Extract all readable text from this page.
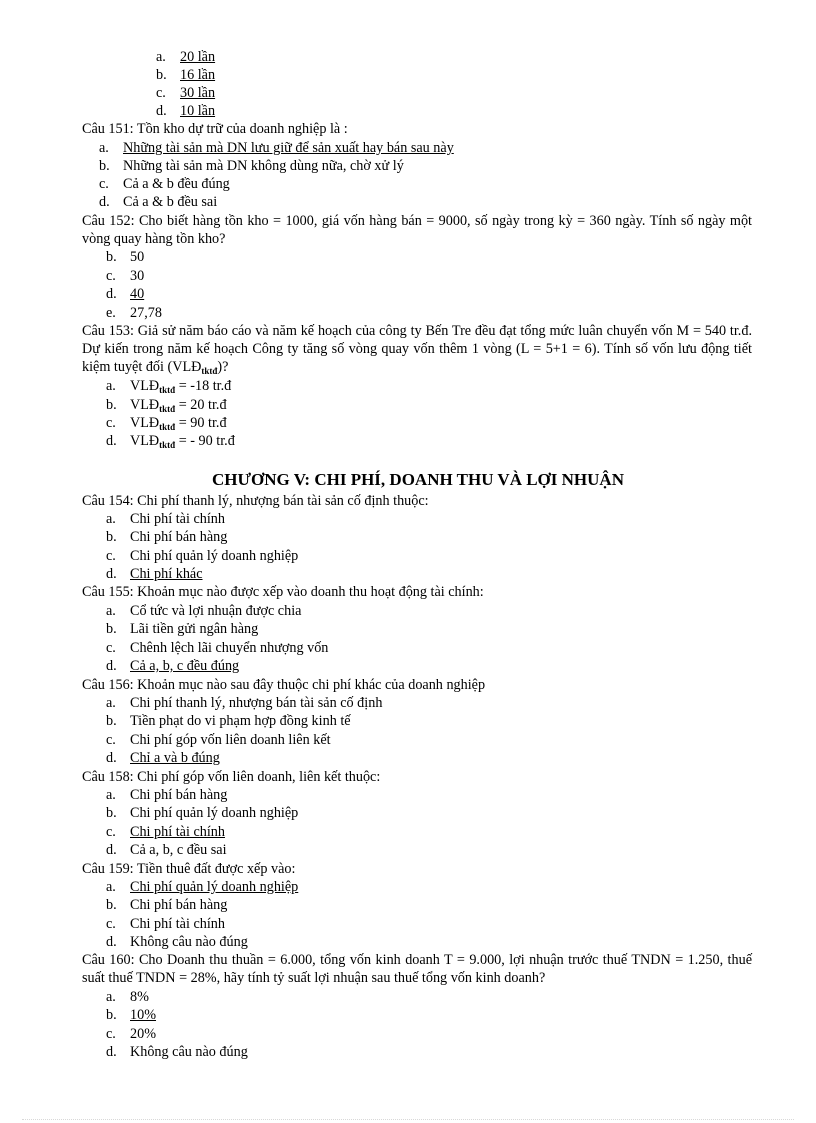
a. 20 lần
b. 16 lần
c. 30 lần
d. 10 lần
Câu 151: Tồn kho dự trữ của doanh nghiệp là :
a. Những tài sản mà DN lưu giữ để sản xuất hay bán sau này
b. Những tài sản mà DN không dùng nữa, chờ xử lý
c. Cả a & b đều đúng
d. Cả a & b đều sai
Câu 152: Cho biết hàng tồn kho = 1000, giá vốn hàng bán = 9000, số ngày trong kỳ = 360 ngày. Tính số ngày một vòng quay hàng tồn kho?
b. 50
c. 30
d. 40
e. 27,78
Câu 153: Giả sử năm báo cáo và năm kế hoạch của công ty Bến Tre đều đạt tổng mức luân chuyển vốn M = 540 tr.đ. Dự kiến trong năm kế hoạch Công ty tăng số vòng quay vốn thêm 1 vòng (L = 5+1 = 6). Tính số vốn lưu động tiết kiệm tuyệt đối $(VLĐ_{tktđ})$?
a. $VLĐ_{tktđ} = -18$ tr.đ
b. $VLĐ_{tktđ} = 20$ tr.đ
c. $VLĐ_{tktđ} = 90$ tr.đ
d. $VLĐ_{tktđ}$ = - 90 tr.đ
CHƯƠNG V: CHI PHÍ, DOANH THU VÀ LỢI NHUẬN
Câu 154: Chi phí thanh lý, nhượng bán tài sản cố định thuộc:
a. Chi phí tài chính
b. Chi phí bán hàng
c. Chi phí quản lý doanh nghiệp
d. Chi phí khác
Câu 155: Khoản mục nào được xếp vào doanh thu hoạt động tài chính:
a. Cổ tức và lợi nhuận được chia
b. Lãi tiền gửi ngân hàng
c. Chênh lệch lãi chuyển nhượng vốn
d. Cả a, b, c đều đúng
Câu 156: Khoản mục nào sau đây thuộc chi phí khác của doanh nghiệp
a. Chi phí thanh lý, nhượng bán tài sản cố định
b. Tiền phạt do vi phạm hợp đồng kinh tế
c. Chi phí góp vốn liên doanh liên kết
d. Chỉ a và b đúng
Câu 158: Chi phí góp vốn liên doanh, liên kết thuộc:
a. Chi phí bán hàng
b. Chi phí quản lý doanh nghiệp
c. Chi phí tài chính
d. Cả a, b, c đều sai
Câu 159: Tiền thuê đất được xếp vào:
a. Chi phí quản lý doanh nghiệp
b. Chi phí bán hàng
c. Chi phí tài chính
d. Không câu nào đúng
Câu 160: Cho Doanh thu thuần = 6.000, tổng vốn kinh doanh T = 9.000, lợi nhuận trước thuế TNDN = 1.250, thuế suất thuế TNDN = 28%, hãy tính tỷ suất lợi nhuận sau thuế tổng vốn kinh doanh?
a. 8%
b. 10%
c. 20%
d. Không câu nào đúng
